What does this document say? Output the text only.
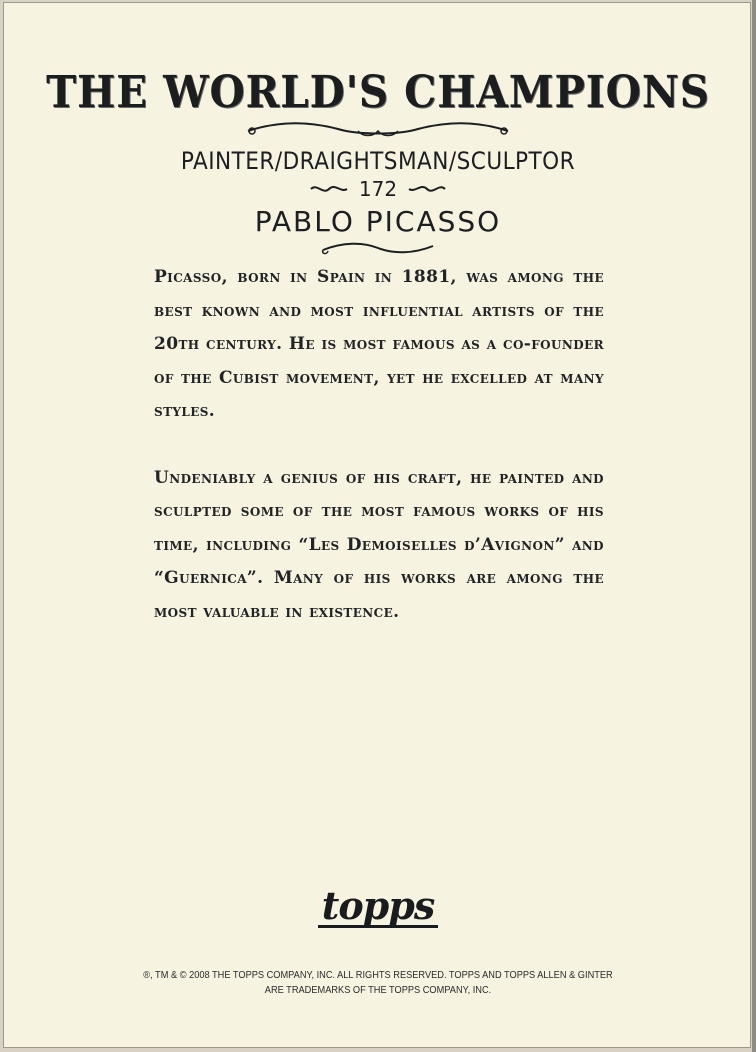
THE WORLD'S CHAMPIONS
PAINTER/DRAIGHTSMAN/SCULPTOR
172
PABLO PICASSO

Picasso, born in Spain in 1881, was among the best known and most influential artists of the 20th century. He is most famous as a co-founder of the Cubist movement, yet he excelled at many styles.

Undeniably a genius of his craft, he painted and sculpted some of the most famous works of his time, including “Les Demoiselles d’Avignon” and “Guernica”. Many of his works are among the most valuable in existence.

topps
®, TM & © 2008 THE TOPPS COMPANY, INC. ALL RIGHTS RESERVED. TOPPS AND TOPPS ALLEN & GINTER
ARE TRADEMARKS OF THE TOPPS COMPANY, INC.
